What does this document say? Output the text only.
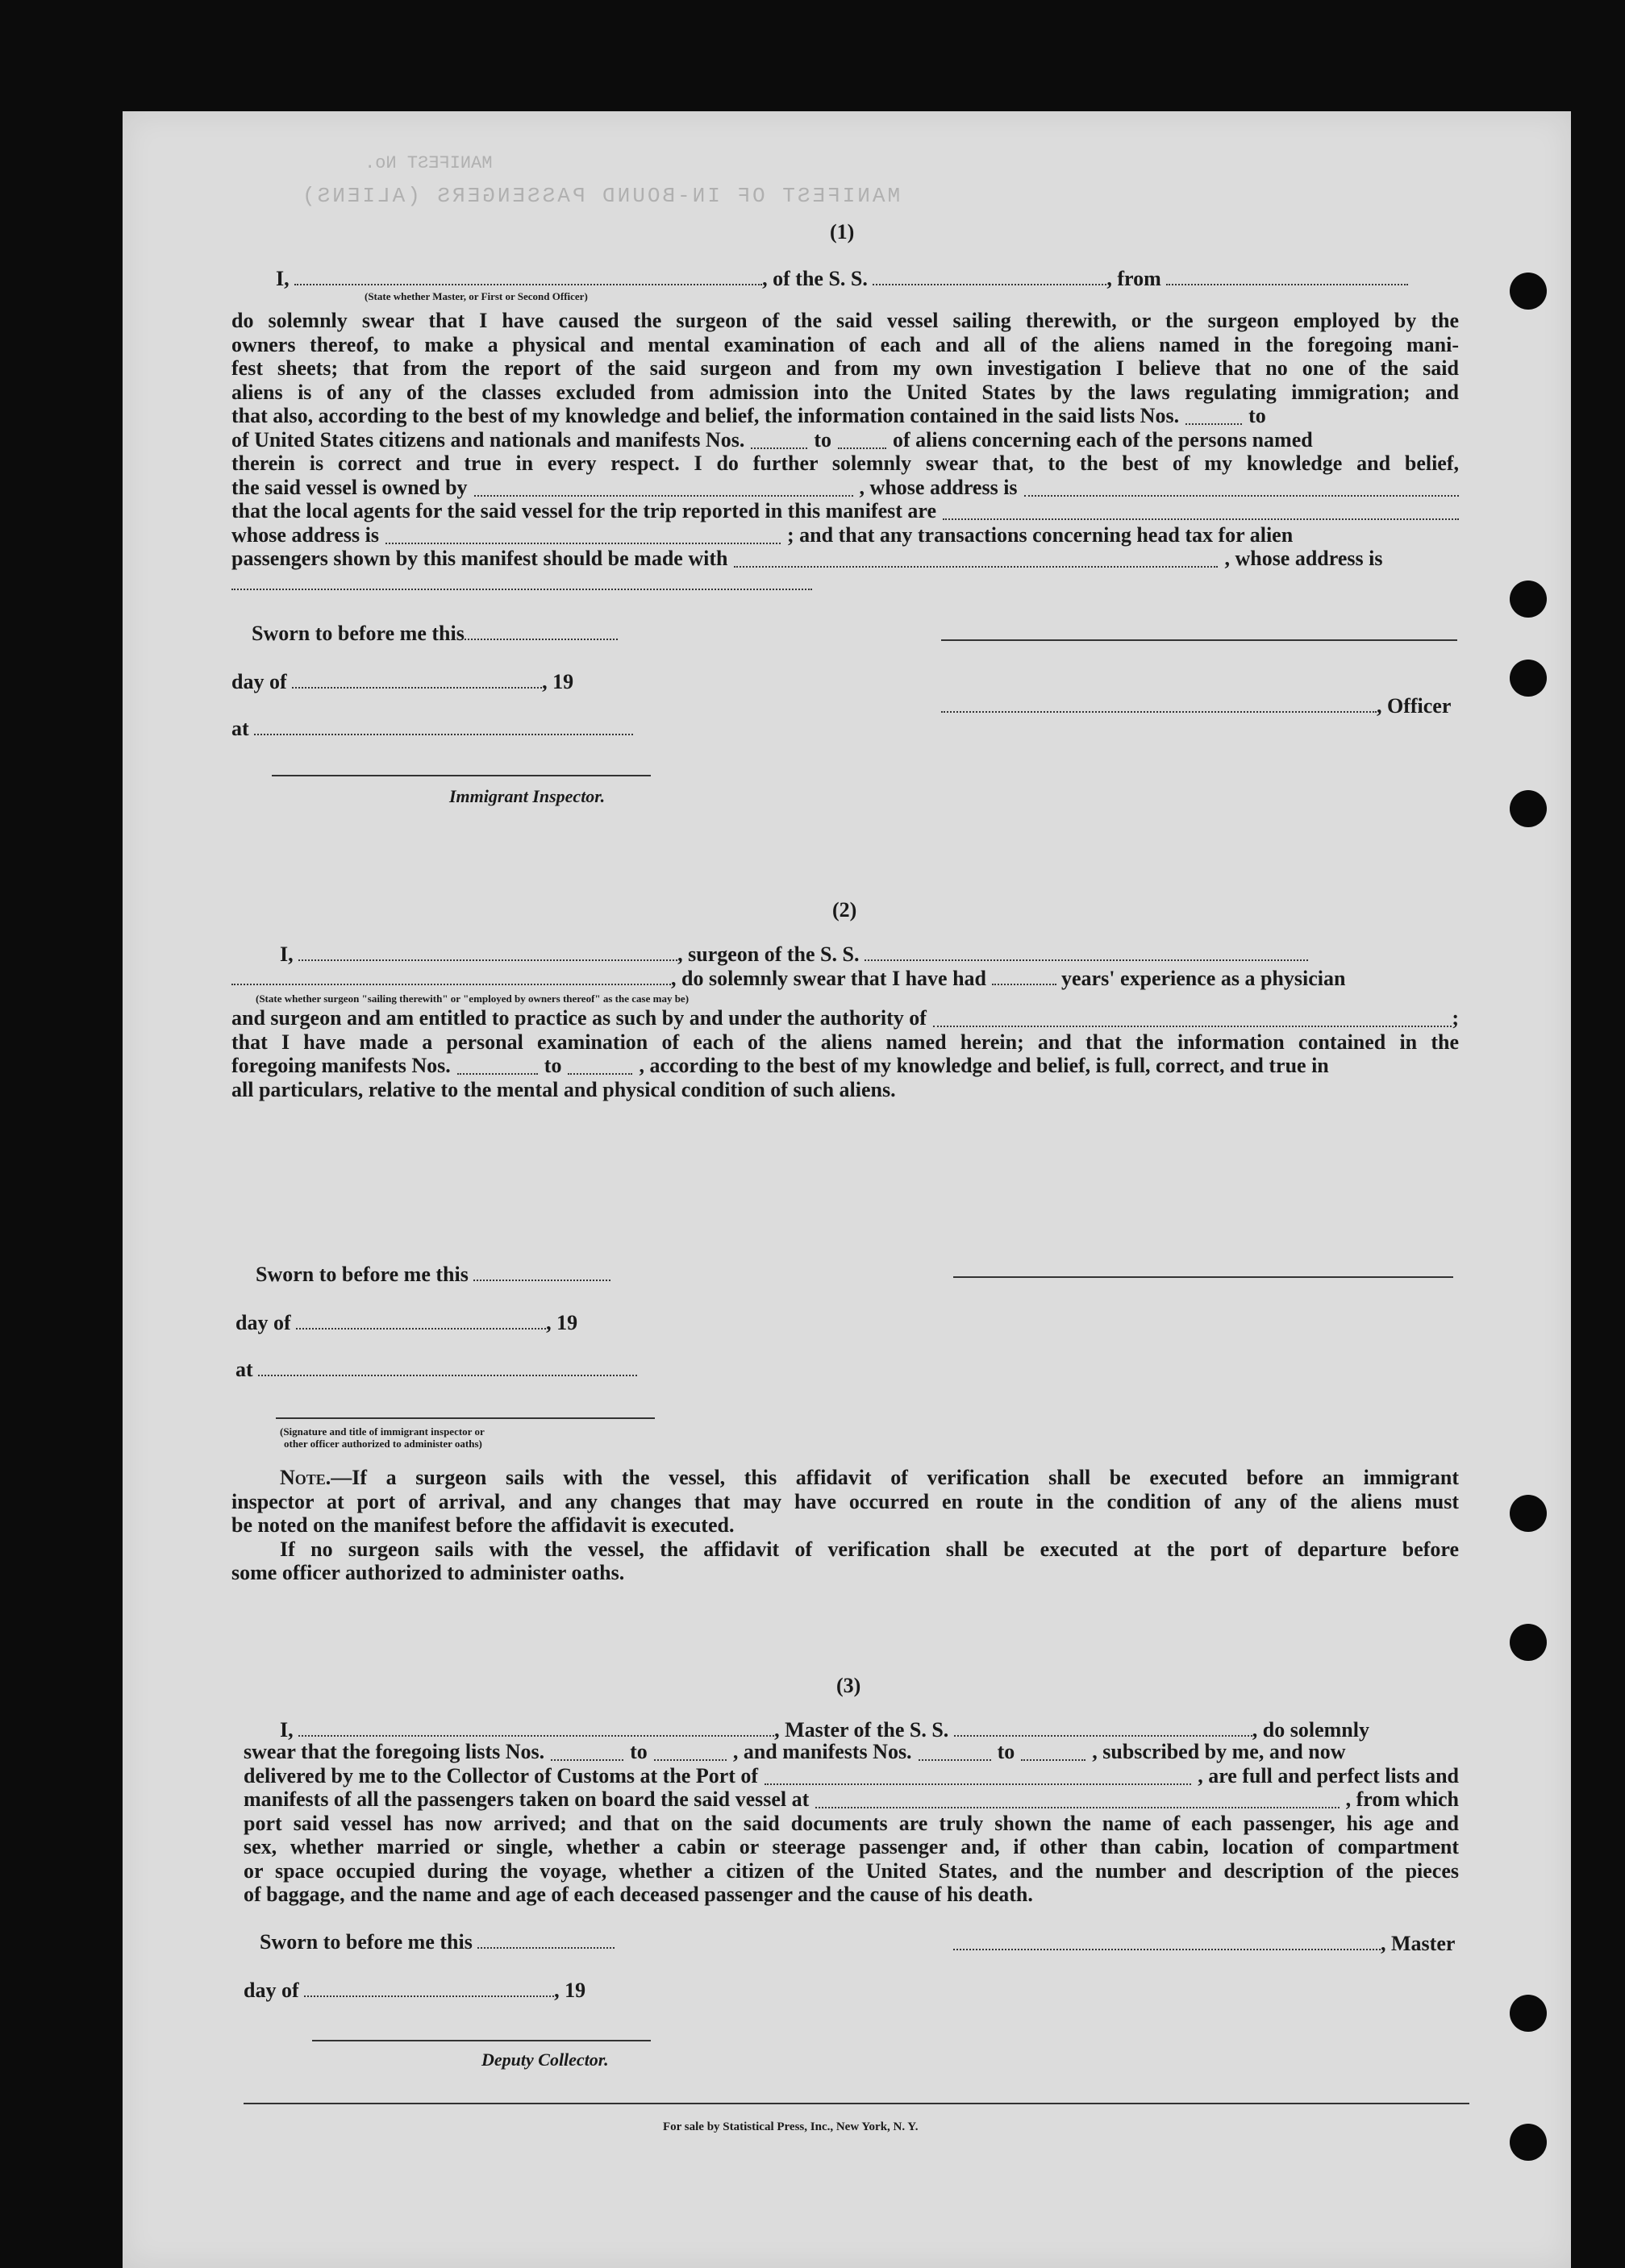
MANIFEST OF IN-BOUND PASSENGERS (ALIENS)
MANIFEST No.
(1)
I,	, of the S. S.	, from
(State whether Master, or First or Second Officer)
do solemnly swear that I have caused the surgeon of the said vessel sailing therewith, or the surgeon employed by the
owners thereof, to make a physical and mental examination of each and all of the aliens named in the foregoing mani-
fest sheets; that from the report of the said surgeon and from my own investigation I believe that no one of the said
aliens is of any of the classes excluded from admission into the United States by the laws regulating immigration; and
that also, according to the best of my knowledge and belief, the information contained in the said lists Nos.	to
of United States citizens and nationals and manifests Nos.	to	of aliens concerning each of the persons named
therein is correct and true in every respect. I do further solemnly swear that, to the best of my knowledge and belief,
the said vessel is owned by	, whose address is
that the local agents for the said vessel for the trip reported in this manifest are
whose address is	; and that any transactions concerning head tax for alien
passengers shown by this manifest should be made with	, whose address is
Sworn to before me this
day of	, 19
at
Immigrant Inspector.
, Officer
(2)
I,	, surgeon of the S. S.
, do solemnly swear that I have had	years' experience as a physician
(State whether surgeon "sailing therewith" or "employed by owners thereof" as the case may be)
and surgeon and am entitled to practice as such by and under the authority of	;
that I have made a personal examination of each of the aliens named herein; and that the information contained in the
foregoing manifests Nos.	to	, according to the best of my knowledge and belief, is full, correct, and true in
all particulars, relative to the mental and physical condition of such aliens.
Sworn to before me this
day of	, 19
at
(Signature and title of immigrant inspector or
other officer authorized to administer oaths)
Note.—If a surgeon sails with the vessel, this affidavit of verification shall be executed before an immigrant
inspector at port of arrival, and any changes that may have occurred en route in the condition of any of the aliens must
be noted on the manifest before the affidavit is executed.
If no surgeon sails with the vessel, the affidavit of verification shall be executed at the port of departure before
some officer authorized to administer oaths.
(3)
I,	, Master of the S. S.	, do solemnly
swear that the foregoing lists Nos.	to	, and manifests Nos.	to	, subscribed by me, and now
delivered by me to the Collector of Customs at the Port of	, are full and perfect lists and
manifests of all the passengers taken on board the said vessel at	, from which
port said vessel has now arrived; and that on the said documents are truly shown the name of each passenger, his age and
sex, whether married or single, whether a cabin or steerage passenger and, if other than cabin, location of compartment
or space occupied during the voyage, whether a citizen of the United States, and the number and description of the pieces
of baggage, and the name and age of each deceased passenger and the cause of his death.
Sworn to before me this	, Master
day of	, 19
Deputy Collector.
For sale by Statistical Press, Inc., New York, N. Y.
